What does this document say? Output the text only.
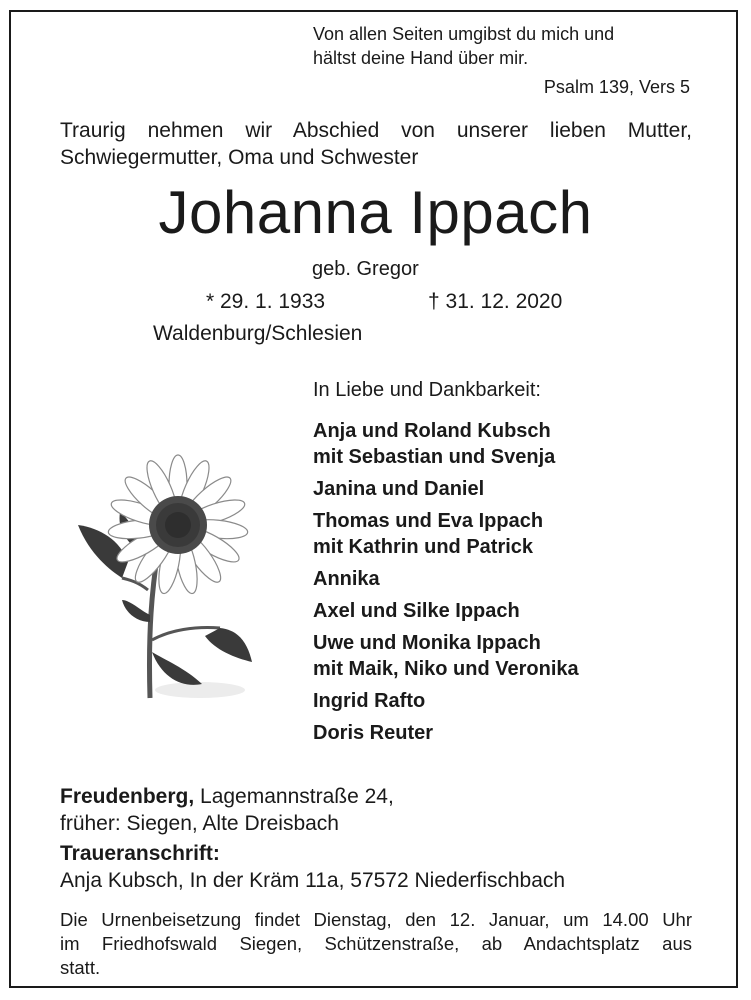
Von allen Seiten umgibst du mich und
hältst deine Hand über mir.
Psalm 139, Vers 5
Traurig nehmen wir Abschied von unserer lieben Mutter,
Schwiegermutter, Oma und Schwester
Johanna Ippach
geb. Gregor
* 29. 1. 1933	† 31. 12. 2020
Waldenburg/Schlesien
In Liebe und Dankbarkeit:
Anja und Roland Kubsch
mit Sebastian und Svenja
Janina und Daniel
Thomas und Eva Ippach
mit Kathrin und Patrick
Annika
Axel und Silke Ippach
Uwe und Monika Ippach
mit Maik, Niko und Veronika
Ingrid Rafto
Doris Reuter
Freudenberg, Lagemannstraße 24,
früher: Siegen, Alte Dreisbach
Traueranschrift:
Anja Kubsch, In der Kräm 11a, 57572 Niederfischbach
Die Urnenbeisetzung findet Dienstag, den 12. Januar, um 14.00 Uhr
im Friedhofswald Siegen, Schützenstraße, ab Andachtsplatz aus
statt.
